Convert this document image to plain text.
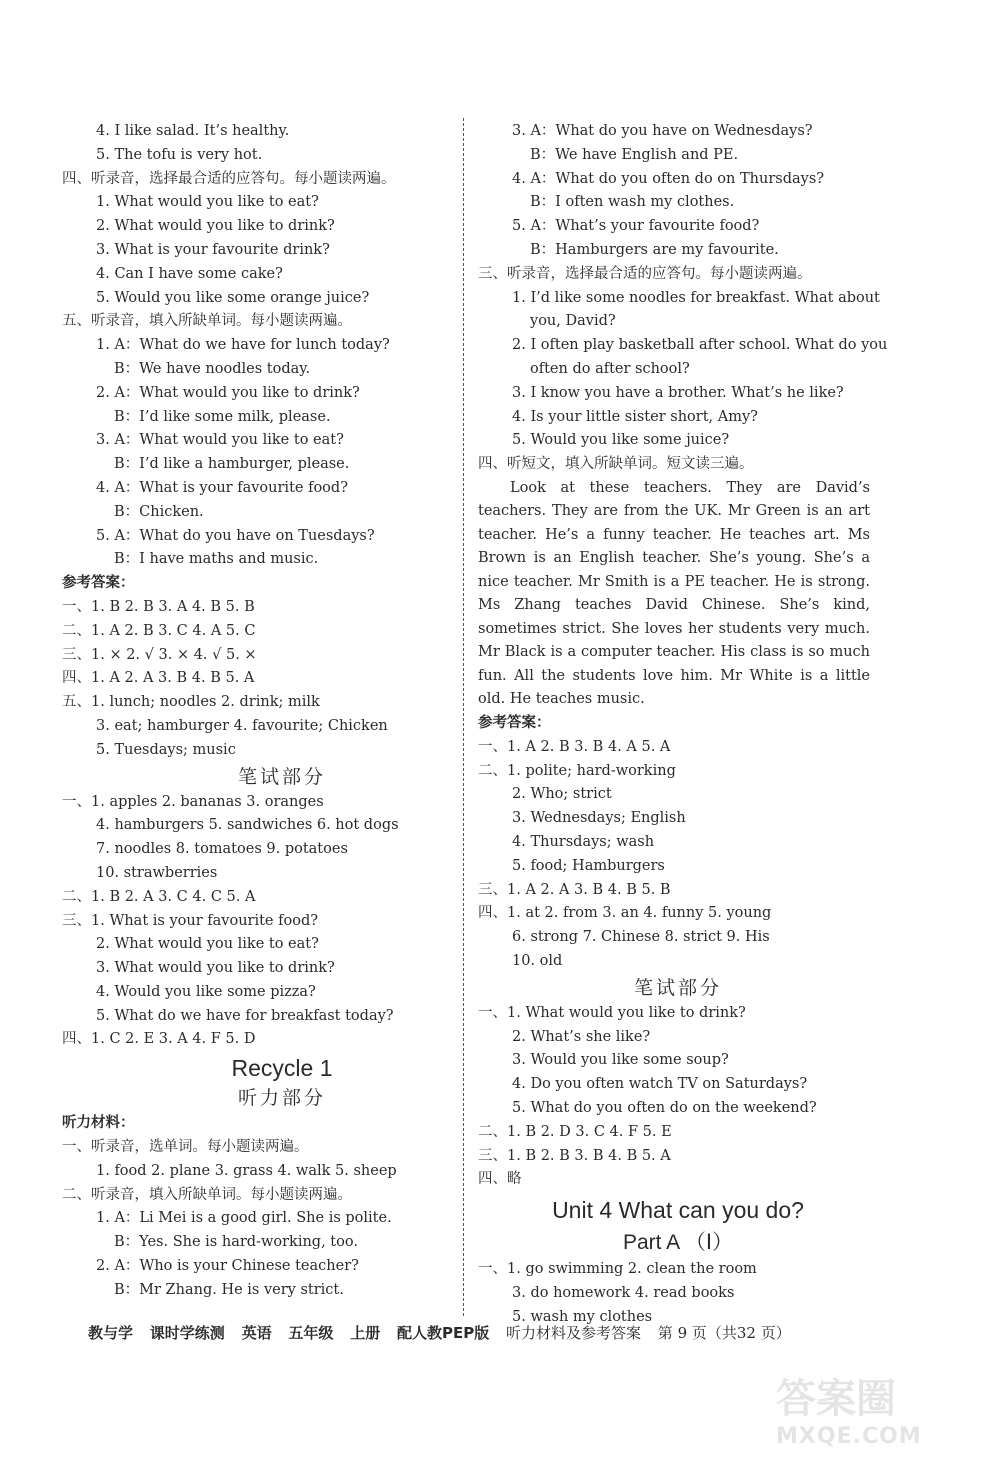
4. I like salad. It’s healthy.
5. The tofu is very hot.
四、听录音，选择最合适的应答句。每小题读两遍。
1. What would you like to eat?
2. What would you like to drink?
3. What is your favourite drink?
4. Can I have some cake?
5. Would you like some orange juice?
五、听录音，填入所缺单词。每小题读两遍。
1. A：What do we have for lunch today?
B：We have noodles today.
2. A：What would you like to drink?
B：I’d like some milk, please.
3. A：What would you like to eat?
B：I’d like a hamburger, please.
4. A：What is your favourite food?
B：Chicken.
5. A：What do you have on Tuesdays?
B：I have maths and music.
参考答案：
一、1. B 2. B 3. A 4. B 5. B
二、1. A 2. B 3. C 4. A 5. C
三、1. × 2. √ 3. × 4. √ 5. ×
四、1. A 2. A 3. B 4. B 5. A
五、1. lunch; noodles 2. drink; milk
3. eat; hamburger 4. favourite; Chicken
5. Tuesdays; music
笔试部分
一、1. apples 2. bananas 3. oranges
4. hamburgers 5. sandwiches 6. hot dogs
7. noodles 8. tomatoes 9. potatoes
10. strawberries
二、1. B 2. A 3. C 4. C 5. A
三、1. What is your favourite food?
2. What would you like to eat?
3. What would you like to drink?
4. Would you like some pizza?
5. What do we have for breakfast today?
四、1. C 2. E 3. A 4. F 5. D
Recycle 1
听力部分
听力材料：
一、听录音，选单词。每小题读两遍。
1. food 2. plane 3. grass 4. walk 5. sheep
二、听录音，填入所缺单词。每小题读两遍。
1. A：Li Mei is a good girl. She is polite.
B：Yes. She is hard-working, too.
2. A：Who is your Chinese teacher?
B：Mr Zhang. He is very strict.
3. A：What do you have on Wednesdays?
B：We have English and PE.
4. A：What do you often do on Thursdays?
B：I often wash my clothes.
5. A：What’s your favourite food?
B：Hamburgers are my favourite.
三、听录音，选择最合适的应答句。每小题读两遍。
1. I’d like some noodles for breakfast. What about
you, David?
2. I often play basketball after school. What do you
often do after school?
3. I know you have a brother. What’s he like?
4. Is your little sister short, Amy?
5. Would you like some juice?
四、听短文，填入所缺单词。短文读三遍。

Look at these teachers. They are David’s teachers. They are from the UK. Mr Green is an art teacher. He’s a funny teacher. He teaches art. Ms Brown is an English teacher. She’s young. She’s a nice teacher. Mr Smith is a PE teacher. He is strong. Ms Zhang teaches David Chinese. She’s kind, sometimes strict. She loves her students very much. Mr Black is a computer teacher. His class is so much fun. All the students love him. Mr White is a little old. He teaches music.

参考答案：
一、1. A 2. B 3. B 4. A 5. A
二、1. polite; hard-working
2. Who; strict
3. Wednesdays; English
4. Thursdays; wash
5. food; Hamburgers
三、1. A 2. A 3. B 4. B 5. B
四、1. at 2. from 3. an 4. funny 5. young
6. strong 7. Chinese 8. strict 9. His
10. old
笔试部分
一、1. What would you like to drink?
2. What’s she like?
3. Would you like some soup?
4. Do you often watch TV on Saturdays?
5. What do you often do on the weekend?
二、1. B 2. D 3. C 4. F 5. E
三、1. B 2. B 3. B 4. B 5. A
四、略
Unit 4 What can you do?
Part A （Ⅰ）
一、1. go swimming 2. clean the room
3. do homework 4. read books
5. wash my clothes
教与学 课时学练测 英语 五年级 上册 配人教PEP版 听力材料及参考答案 第 9 页（共32 页）
答案圈
MXQE.COM
